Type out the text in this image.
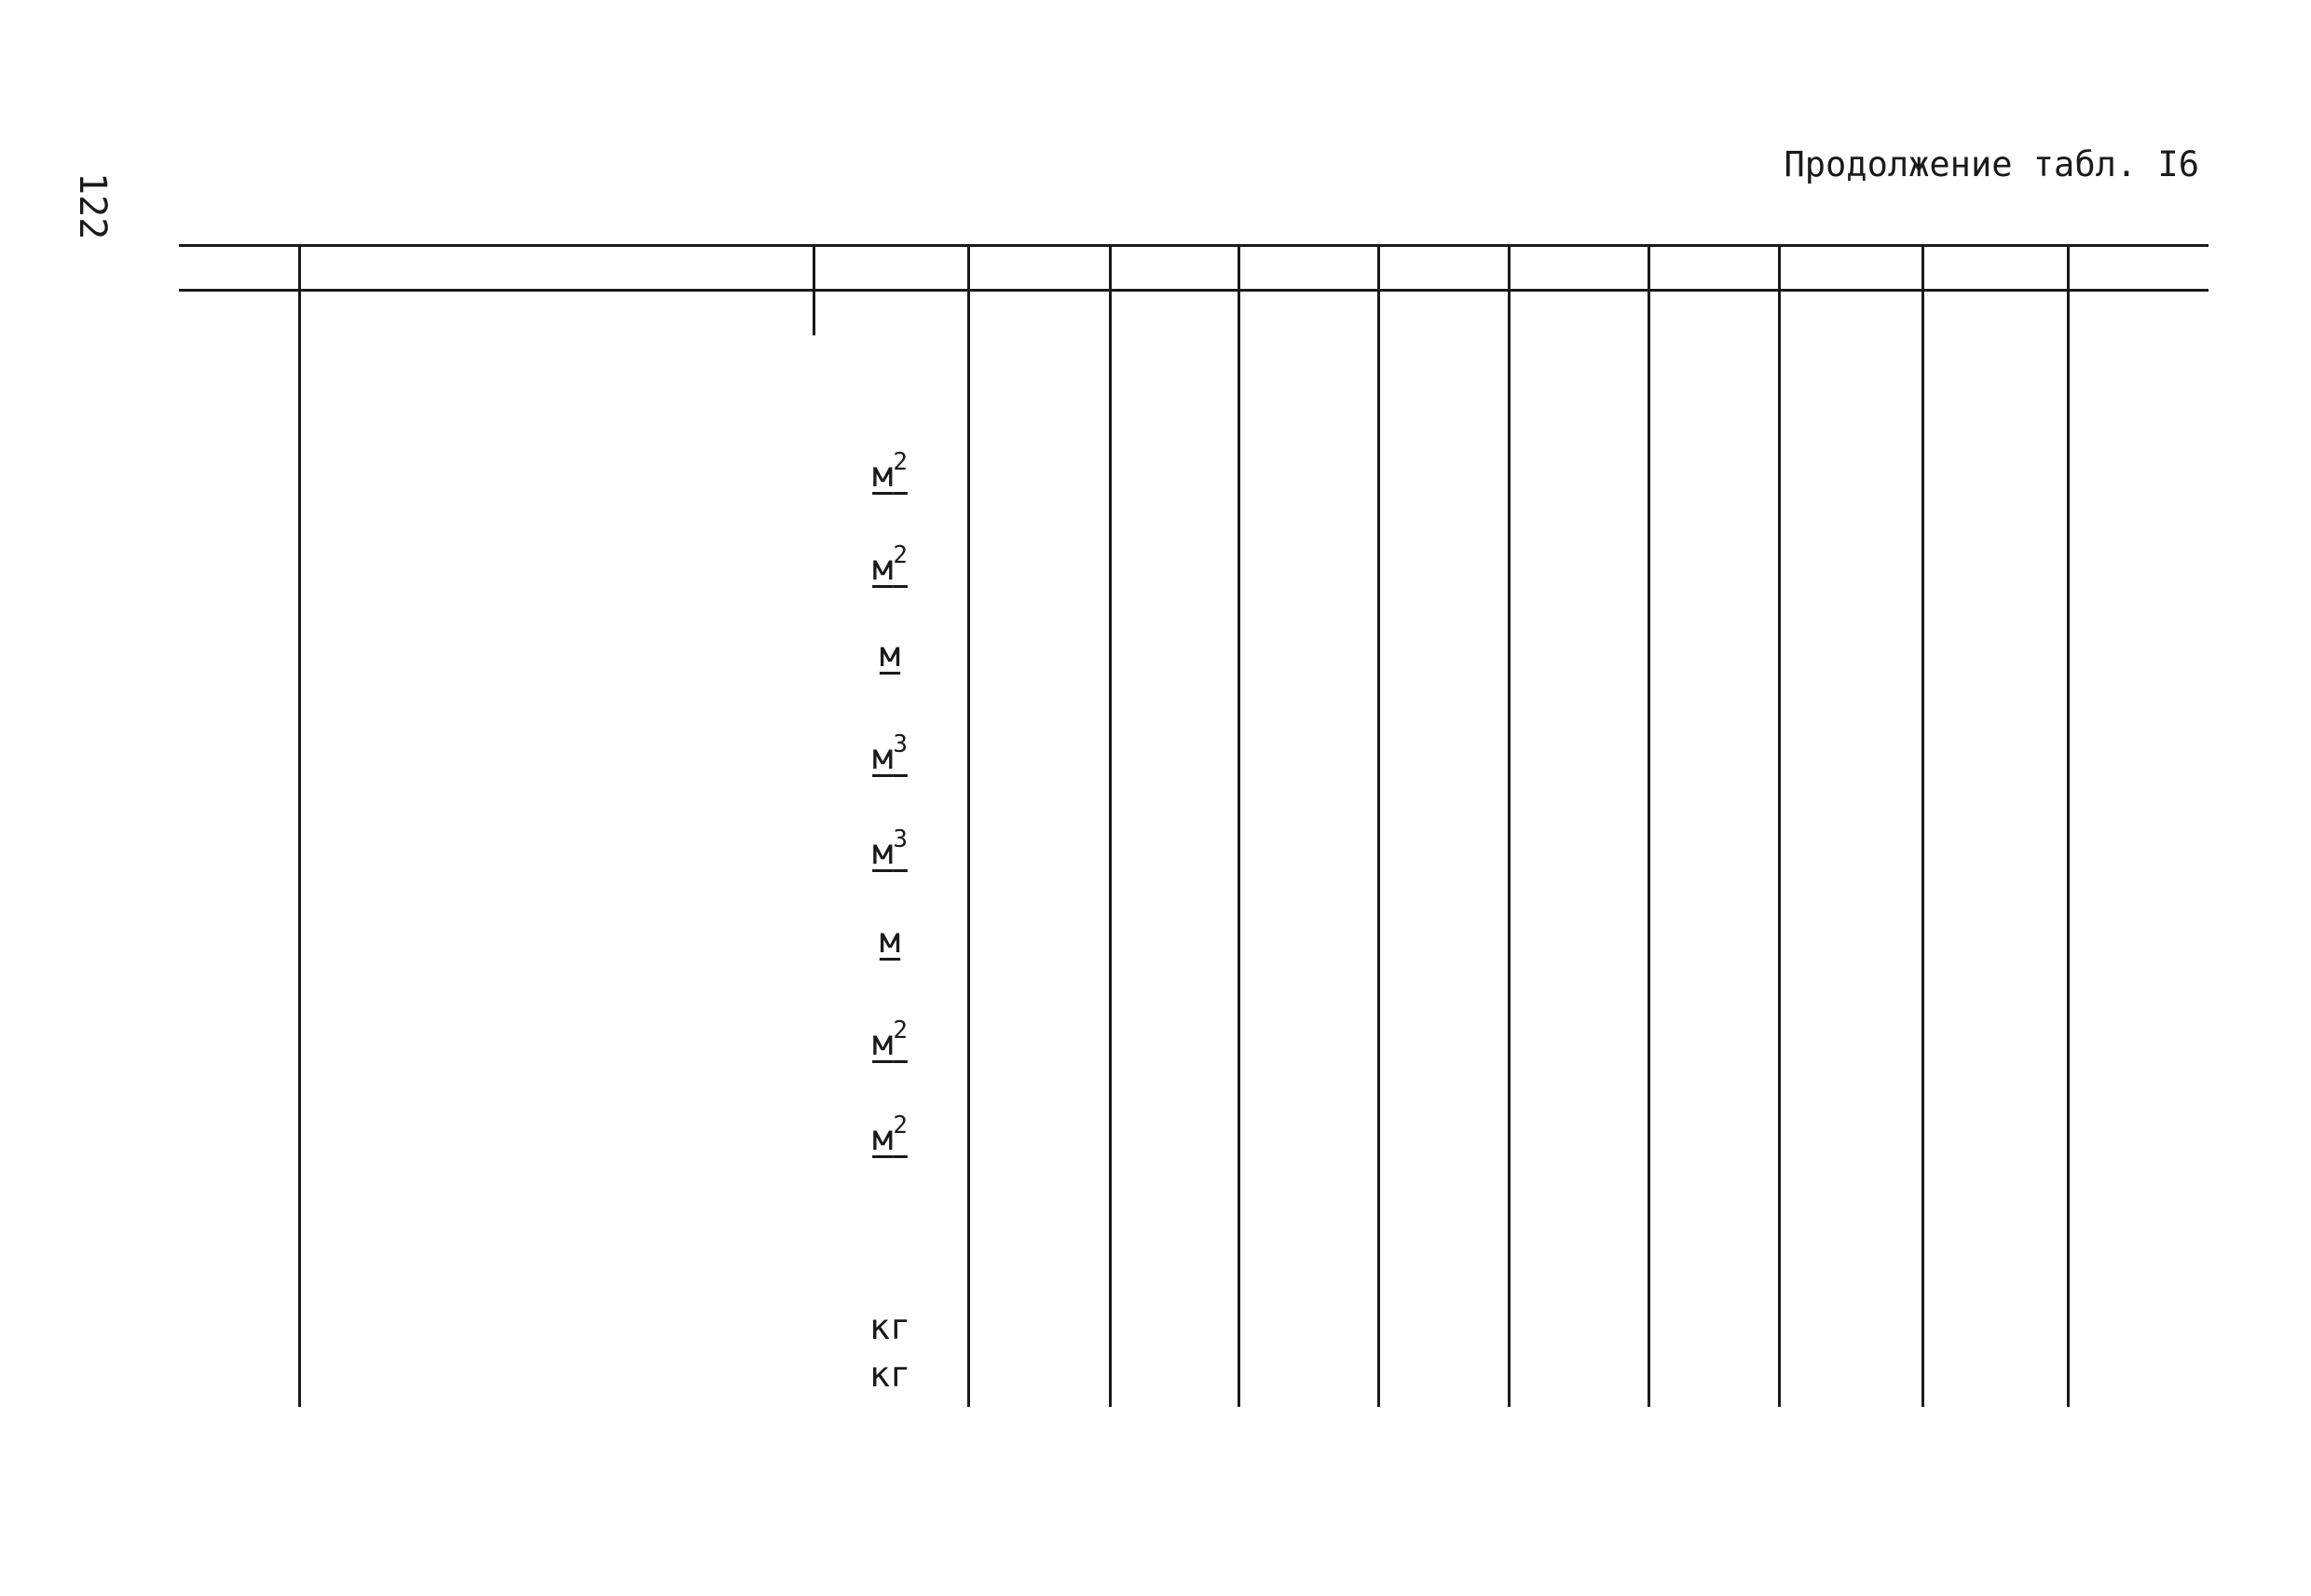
122
Продолжение табл. I6
$м^2$
$м^2$
м
$м^3$
$м^3$
м
$м^2$
$м^2$
кг
кг
